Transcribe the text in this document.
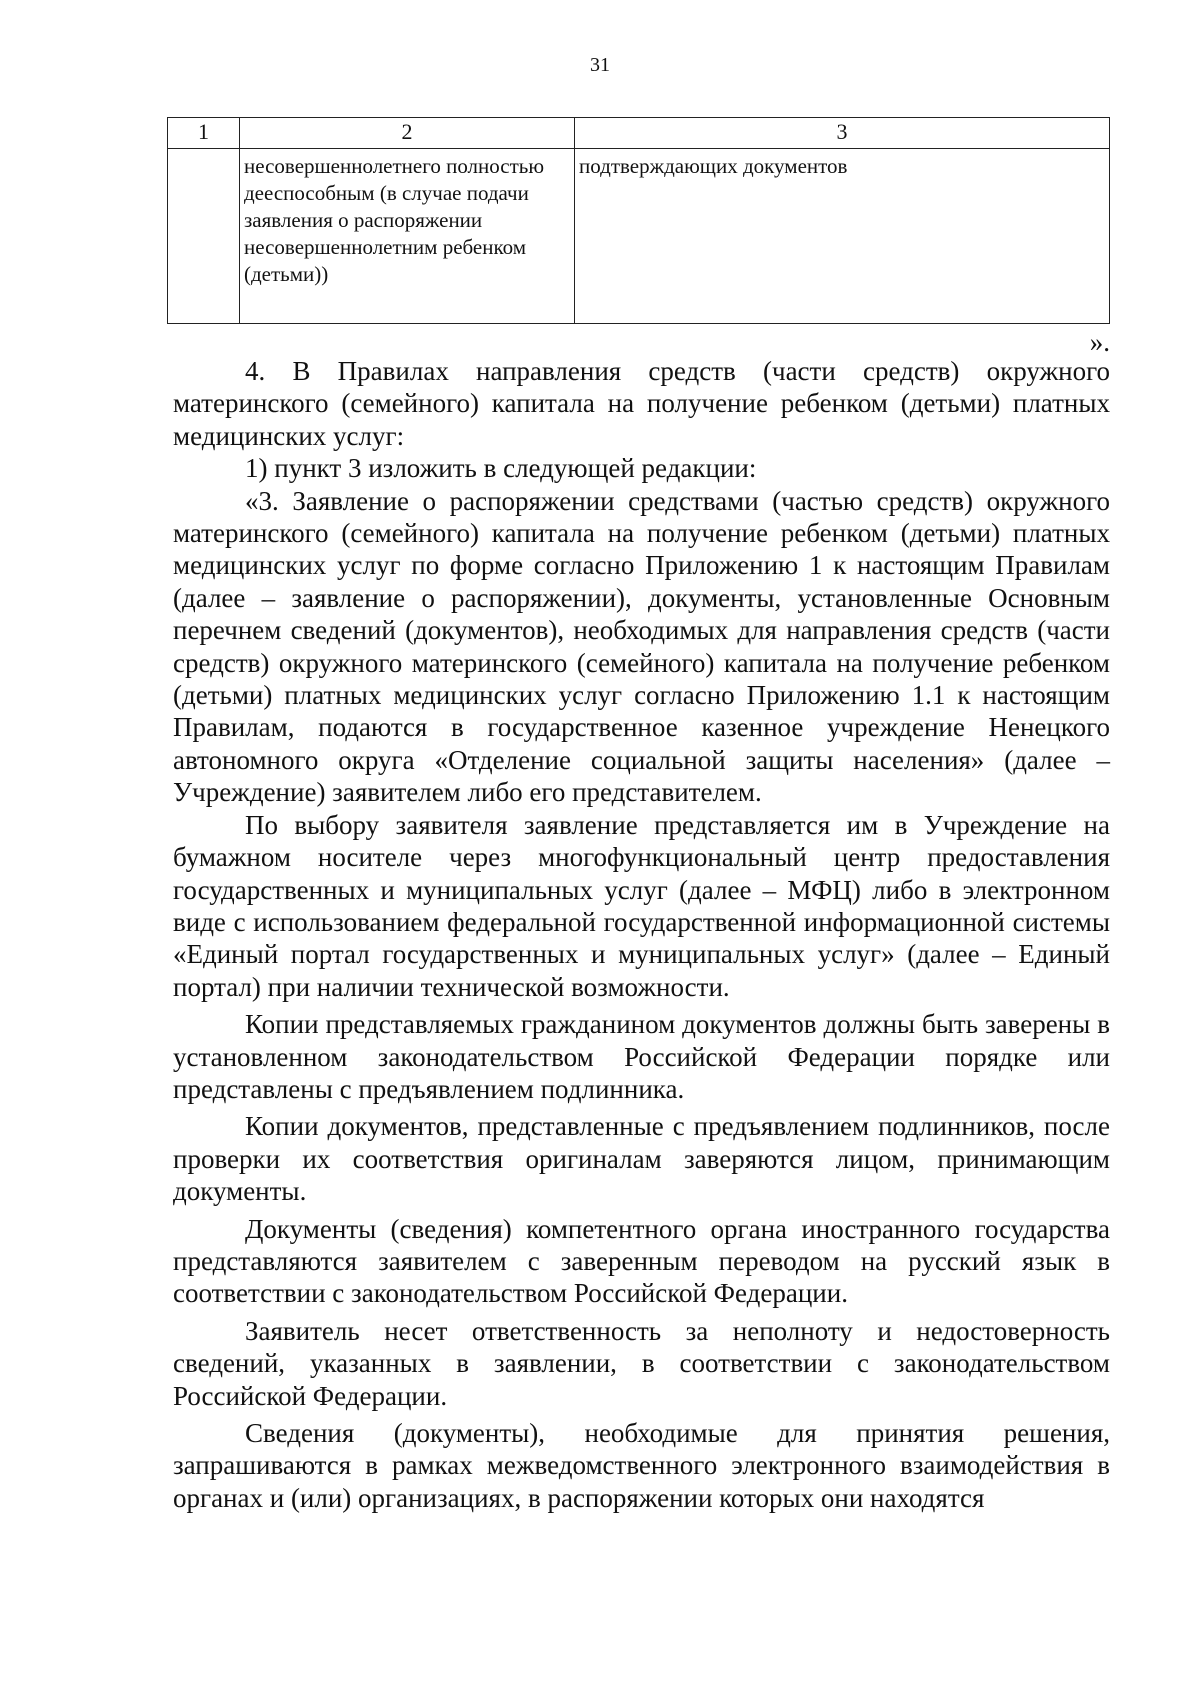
31
1	2	3
	несовершеннолетнего полностью дееспособным (в случае подачи заявления о распоряжении несовершеннолетним ребенком (детьми))	подтверждающих документов
».

4. В Правилах направления средств (части средств) окружного материнского (семейного) капитала на получение ребенком (детьми) платных медицинских услуг:

1) пункт 3 изложить в следующей редакции:

«3. Заявление о распоряжении средствами (частью средств) окружного материнского (семейного) капитала на получение ребенком (детьми) платных медицинских услуг по форме согласно Приложению 1 к настоящим Правилам (далее – заявление о распоряжении), документы, установленные Основным перечнем сведений (документов), необходимых для направления средств (части средств) окружного материнского (семейного) капитала на получение ребенком (детьми) платных медицинских услуг согласно Приложению 1.1 к настоящим Правилам, подаются в государственное казенное учреждение Ненецкого автономного округа «Отделение социальной защиты населения» (далее – Учреждение) заявителем либо его представителем.

По выбору заявителя заявление представляется им в Учреждение на бумажном носителе через многофункциональный центр предоставления государственных и муниципальных услуг (далее – МФЦ) либо в электронном виде с использованием федеральной государственной информационной системы «Единый портал государственных и муниципальных услуг» (далее – Единый портал) при наличии технической возможности.

Копии представляемых гражданином документов должны быть заверены в установленном законодательством Российской Федерации порядке или представлены с предъявлением подлинника.

Копии документов, представленные с предъявлением подлинников, после проверки их соответствия оригиналам заверяются лицом, принимающим документы.

Документы (сведения) компетентного органа иностранного государства представляются заявителем с заверенным переводом на русский язык в соответствии с законодательством Российской Федерации.

Заявитель несет ответственность за неполноту и недостоверность сведений, указанных в заявлении, в соответствии с законодательством Российской Федерации.

Сведения (документы), необходимые для принятия решения, запрашиваются в рамках межведомственного электронного взаимодействия в органах и (или) организациях, в распоряжении которых они находятся
